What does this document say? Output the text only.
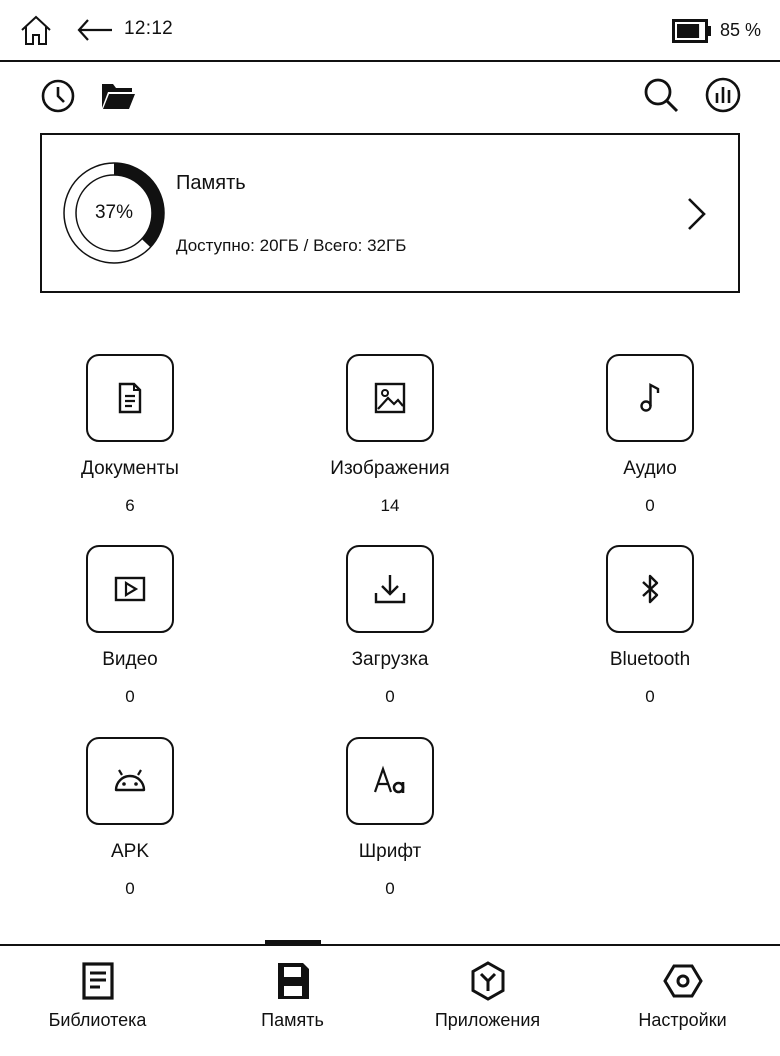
12:12	85 %
37%
Память
Доступно: 20ГБ / Всего: 32ГБ
Документы
6
Изображения
14
Аудио
0
Видео
0
Загрузка
0
Bluetooth
0
APK
0
Шрифт
0
Библиотека	Память	Приложения	Настройки
